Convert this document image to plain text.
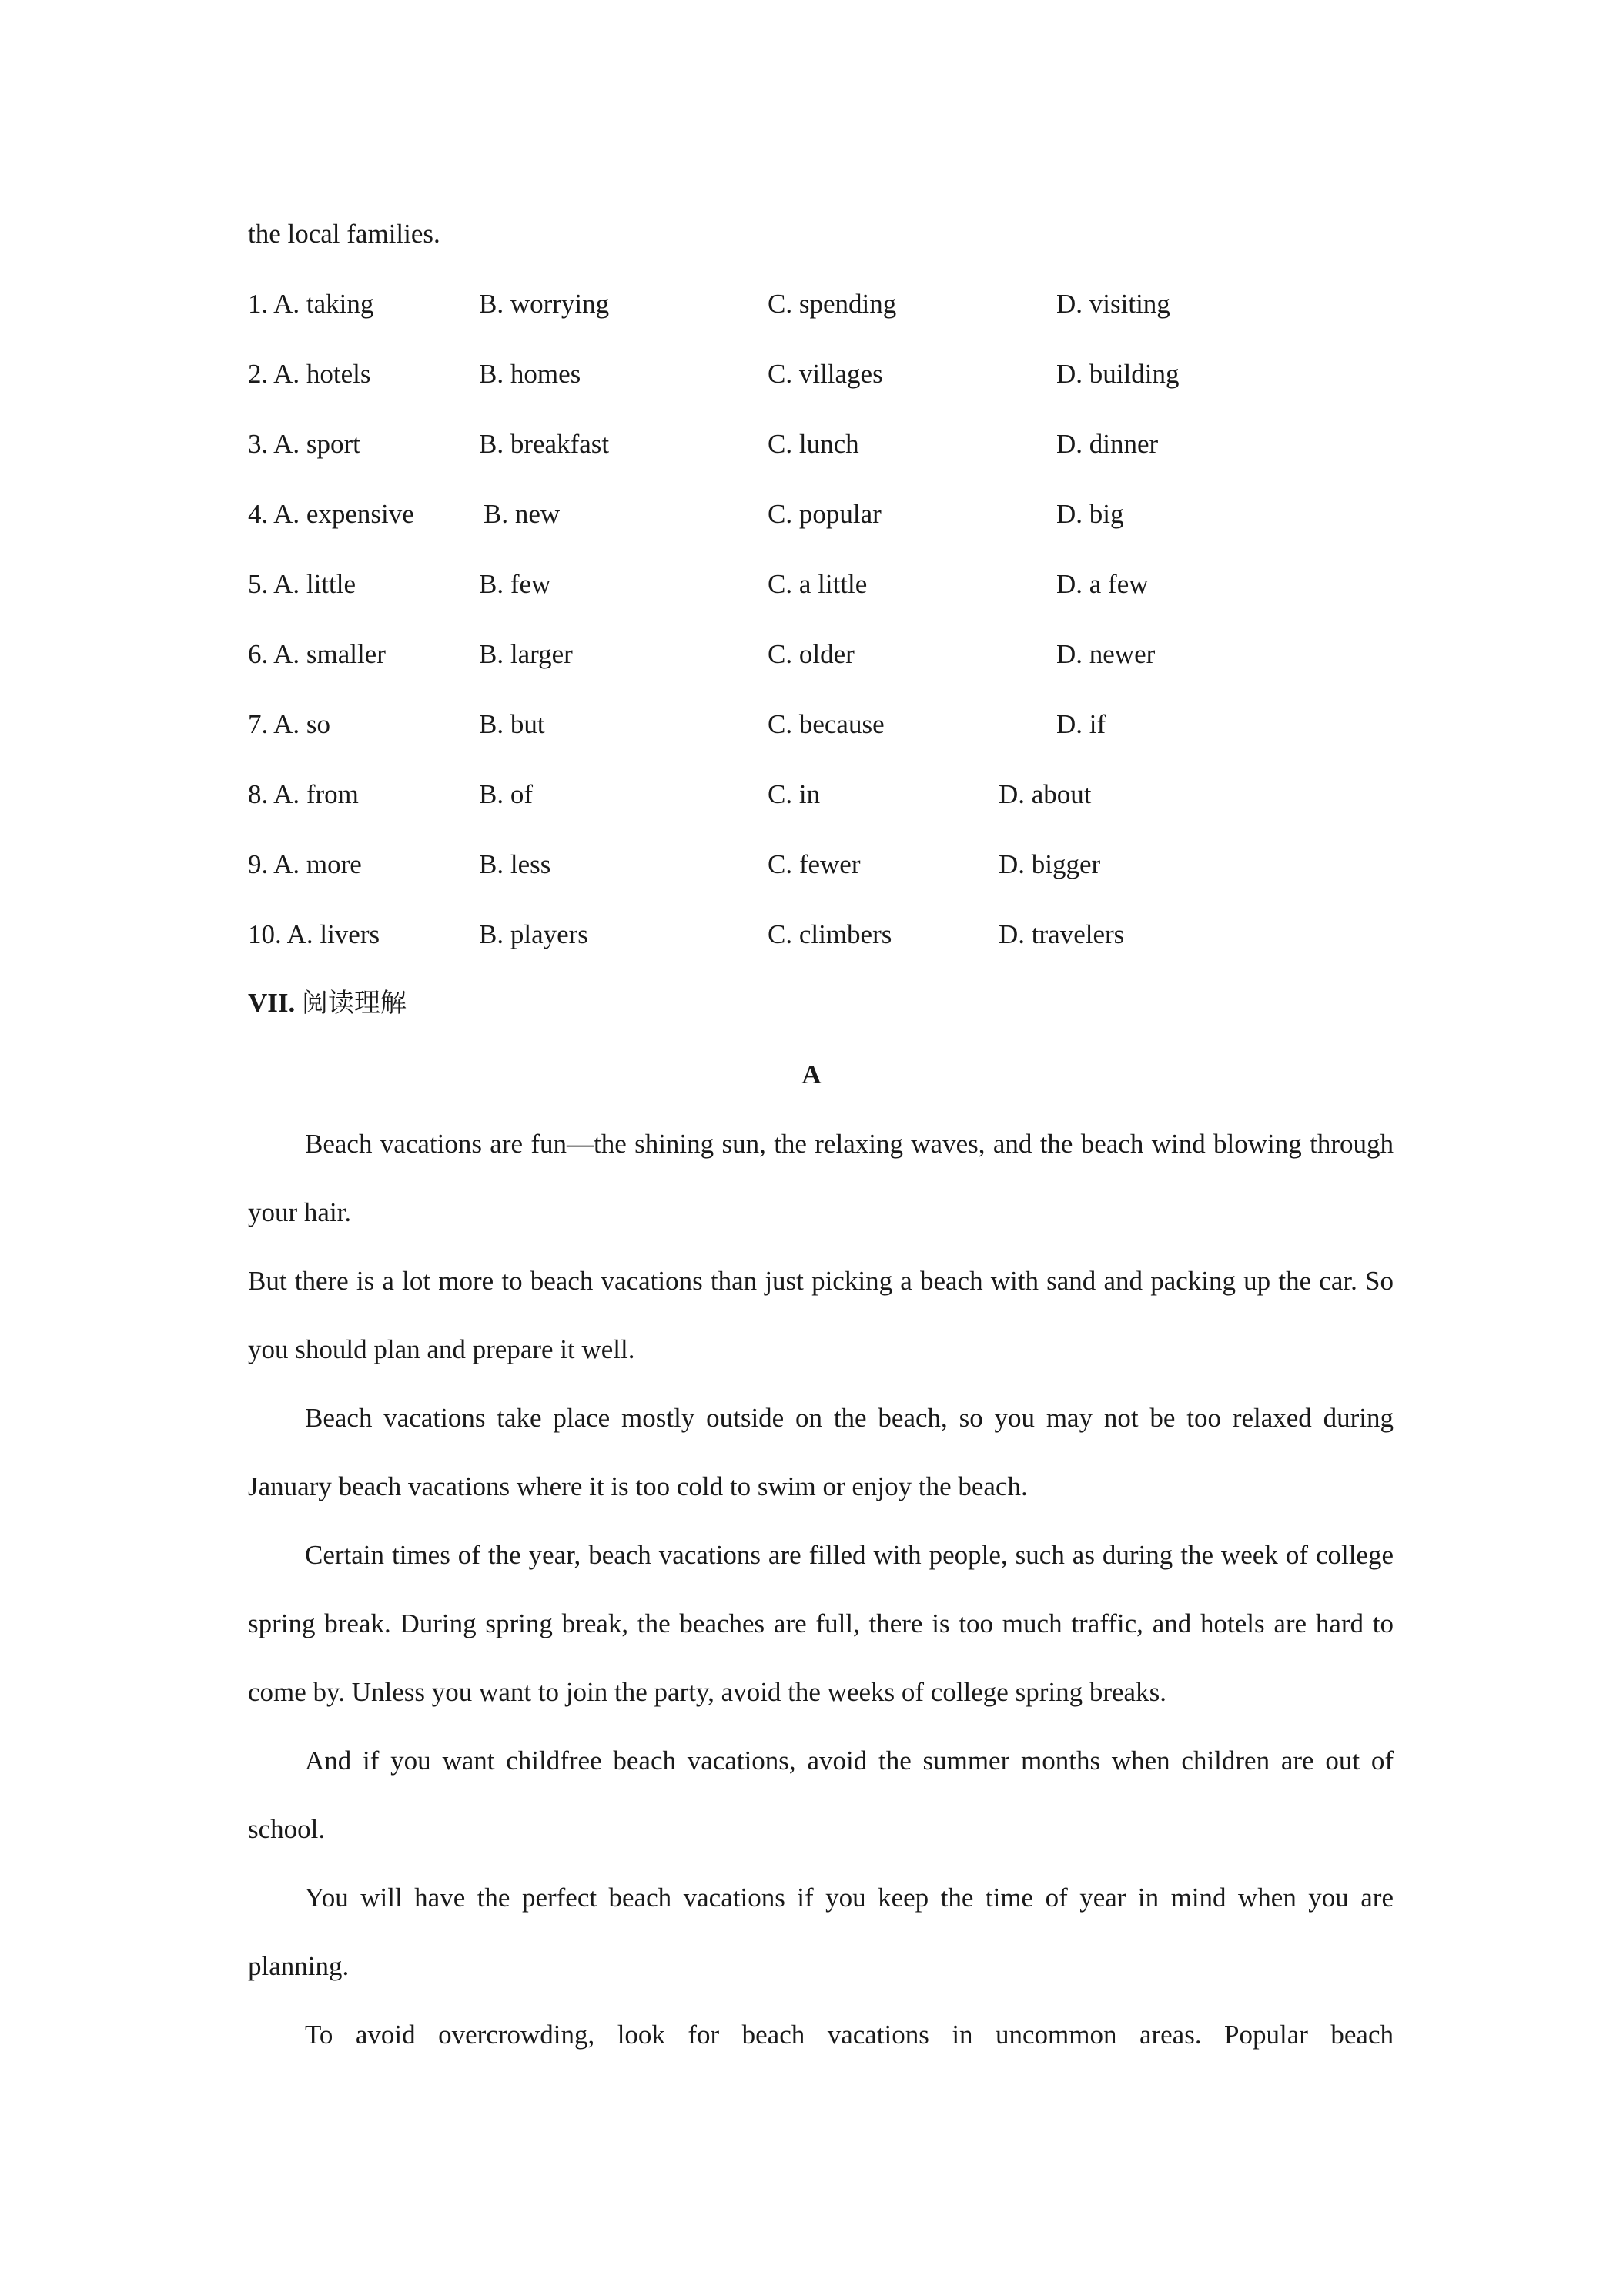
the local families.
1. A. taking	B. worrying	C. spending	D. visiting
2. A. hotels	B. homes	C. villages	D. building
3. A. sport	B. breakfast	C. lunch	D. dinner
4. A. expensive	B. new	C. popular	D. big
5. A. little	B. few	C. a little	D. a few
6. A. smaller	B. larger	C. older	D. newer
7. A. so	B. but	C. because	D. if
8. A. from	B. of	C. in	D. about
9. A. more	B. less	C. fewer	D. bigger
10. A. livers	B. players	C. climbers	D. travelers
VII. 阅读理解
A

Beach vacations are fun—the shining sun, the relaxing waves, and the beach wind blowing through your hair.

But there is a lot more to beach vacations than just picking a beach with sand and packing up the car. So you should plan and prepare it well.

Beach vacations take place mostly outside on the beach, so you may not be too relaxed during January beach vacations where it is too cold to swim or enjoy the beach.

Certain times of the year, beach vacations are filled with people, such as during the week of college spring break. During spring break, the beaches are full, there is too much traffic, and hotels are hard to come by. Unless you want to join the party, avoid the weeks of college spring breaks.

And if you want childfree beach vacations, avoid the summer months when children are out of school.

You will have the perfect beach vacations if you keep the time of year in mind when you are planning.

To avoid overcrowding, look for beach vacations in uncommon areas. Popular beach
